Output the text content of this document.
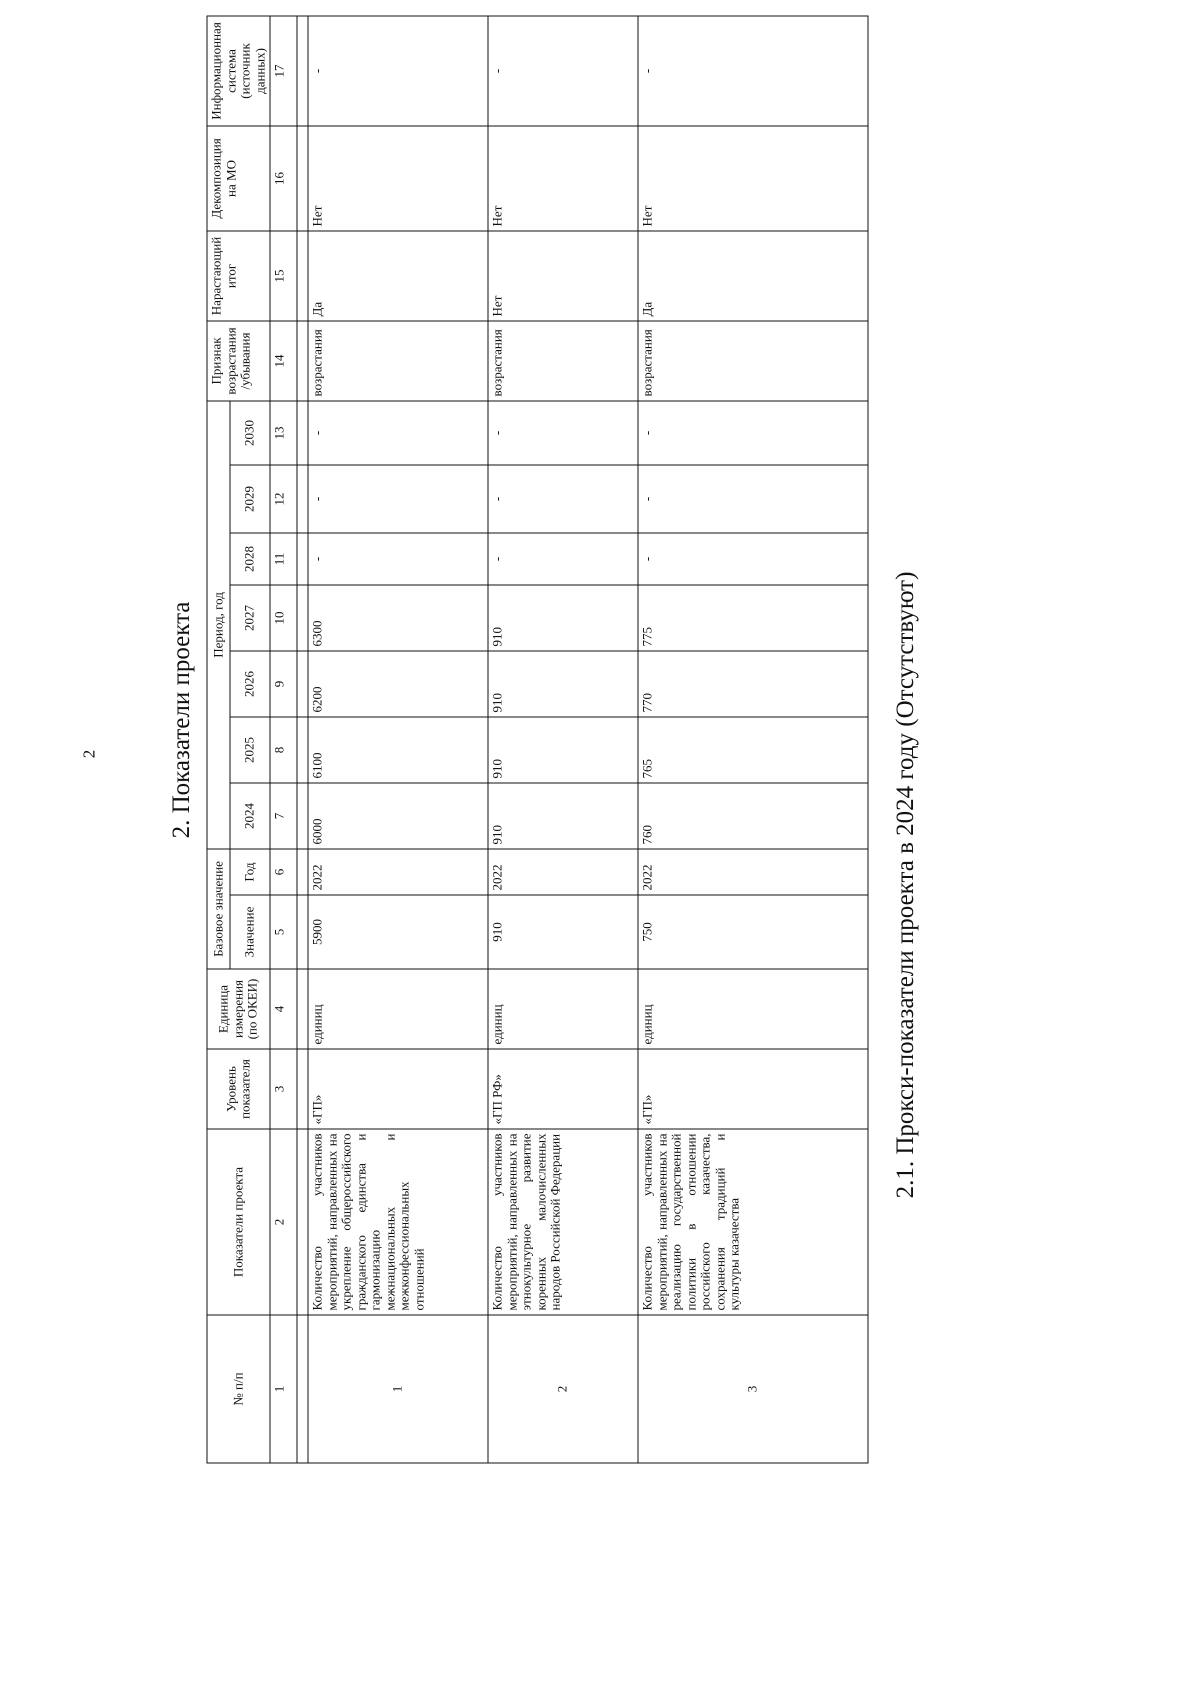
2	2. Показатели проекта
№ п/п	Показатели проекта	Уровень показателя	Единица измерения (по ОКЕИ)	Базовое значение		Период, год							Признак возрастания /убывания	Нарастающий итог	Декомпозиция на МО	Информационная система (источник данных)
				Значение	Год	2024	2025	2026	2027	2028	2029	2030				
1	2	3	4	5	6	7	8	9	10	11	12	13	14	15	16	17

1	Количество участников мероприятий, направленных на укрепление общероссийского гражданского единства и гармонизацию межнациональных и межконфессиональных отношений	«ГП»	единиц	5900	2022	6000	6100	6200	6300	-	-	-	возрастания	Да	Нет	-
2	Количество участников мероприятий, направленных на этнокультурное развитие коренных малочисленных народов Российской Федерации	«ГП РФ»	единиц	910	2022	910	910	910	910	-	-	-	возрастания	Нет	Нет	-
3	Количество участников мероприятий, направленных на реализацию государственной политики в отношении российского казачества, сохранения традиций и культуры казачества	«ГП»	единиц	750	2022	760	765	770	775	-	-	-	возрастания	Да	Нет	-
2.1. Прокси-показатели проекта в 2024 году (Отсутствуют)
